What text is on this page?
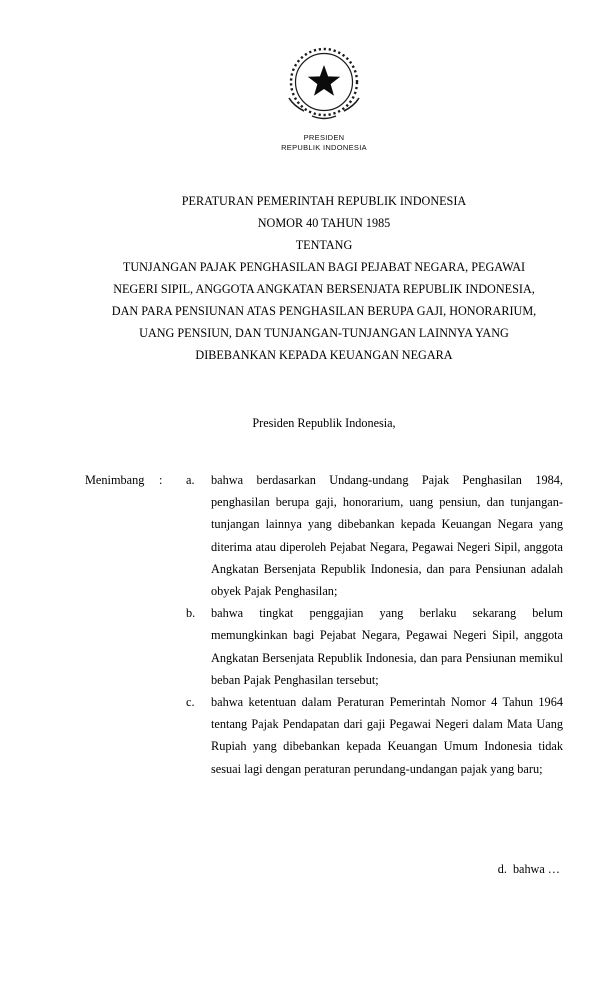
PRESIDEN
REPUBLIK INDONESIA
PERATURAN PEMERINTAH REPUBLIK INDONESIA
NOMOR 40 TAHUN 1985
TENTANG
TUNJANGAN PAJAK PENGHASILAN BAGI PEJABAT NEGARA, PEGAWAI
NEGERI SIPIL, ANGGOTA ANGKATAN BERSENJATA REPUBLIK INDONESIA,
DAN PARA PENSIUNAN ATAS PENGHASILAN BERUPA GAJI, HONORARIUM,
UANG PENSIUN, DAN TUNJANGAN-TUNJANGAN LAINNYA YANG
DIBEBANKAN KEPADA KEUANGAN NEGARA
Presiden Republik Indonesia,
Menimbang	:	a.	bahwa berdasarkan Undang-undang Pajak Penghasilan 1984, penghasilan berupa gaji, honorarium, uang pensiun, dan tunjangan-tunjangan lainnya yang dibebankan kepada Keuangan Negara yang diterima atau diperoleh Pejabat Negara, Pegawai Negeri Sipil, anggota Angkatan Bersenjata Republik Indonesia, dan para Pensiunan adalah obyek Pajak Penghasilan;
b.	bahwa tingkat penggajian yang berlaku sekarang belum memungkinkan bagi Pejabat Negara, Pegawai Negeri Sipil, anggota Angkatan Bersenjata Republik Indonesia, dan para Pensiunan memikul beban Pajak Penghasilan tersebut;
c.	bahwa ketentuan dalam Peraturan Pemerintah Nomor 4 Tahun 1964 tentang Pajak Pendapatan dari gaji Pegawai Negeri dalam Mata Uang Rupiah yang dibebankan kepada Keuangan Umum Indonesia tidak sesuai lagi dengan peraturan perundang-undangan pajak yang baru;
d.  bahwa …
